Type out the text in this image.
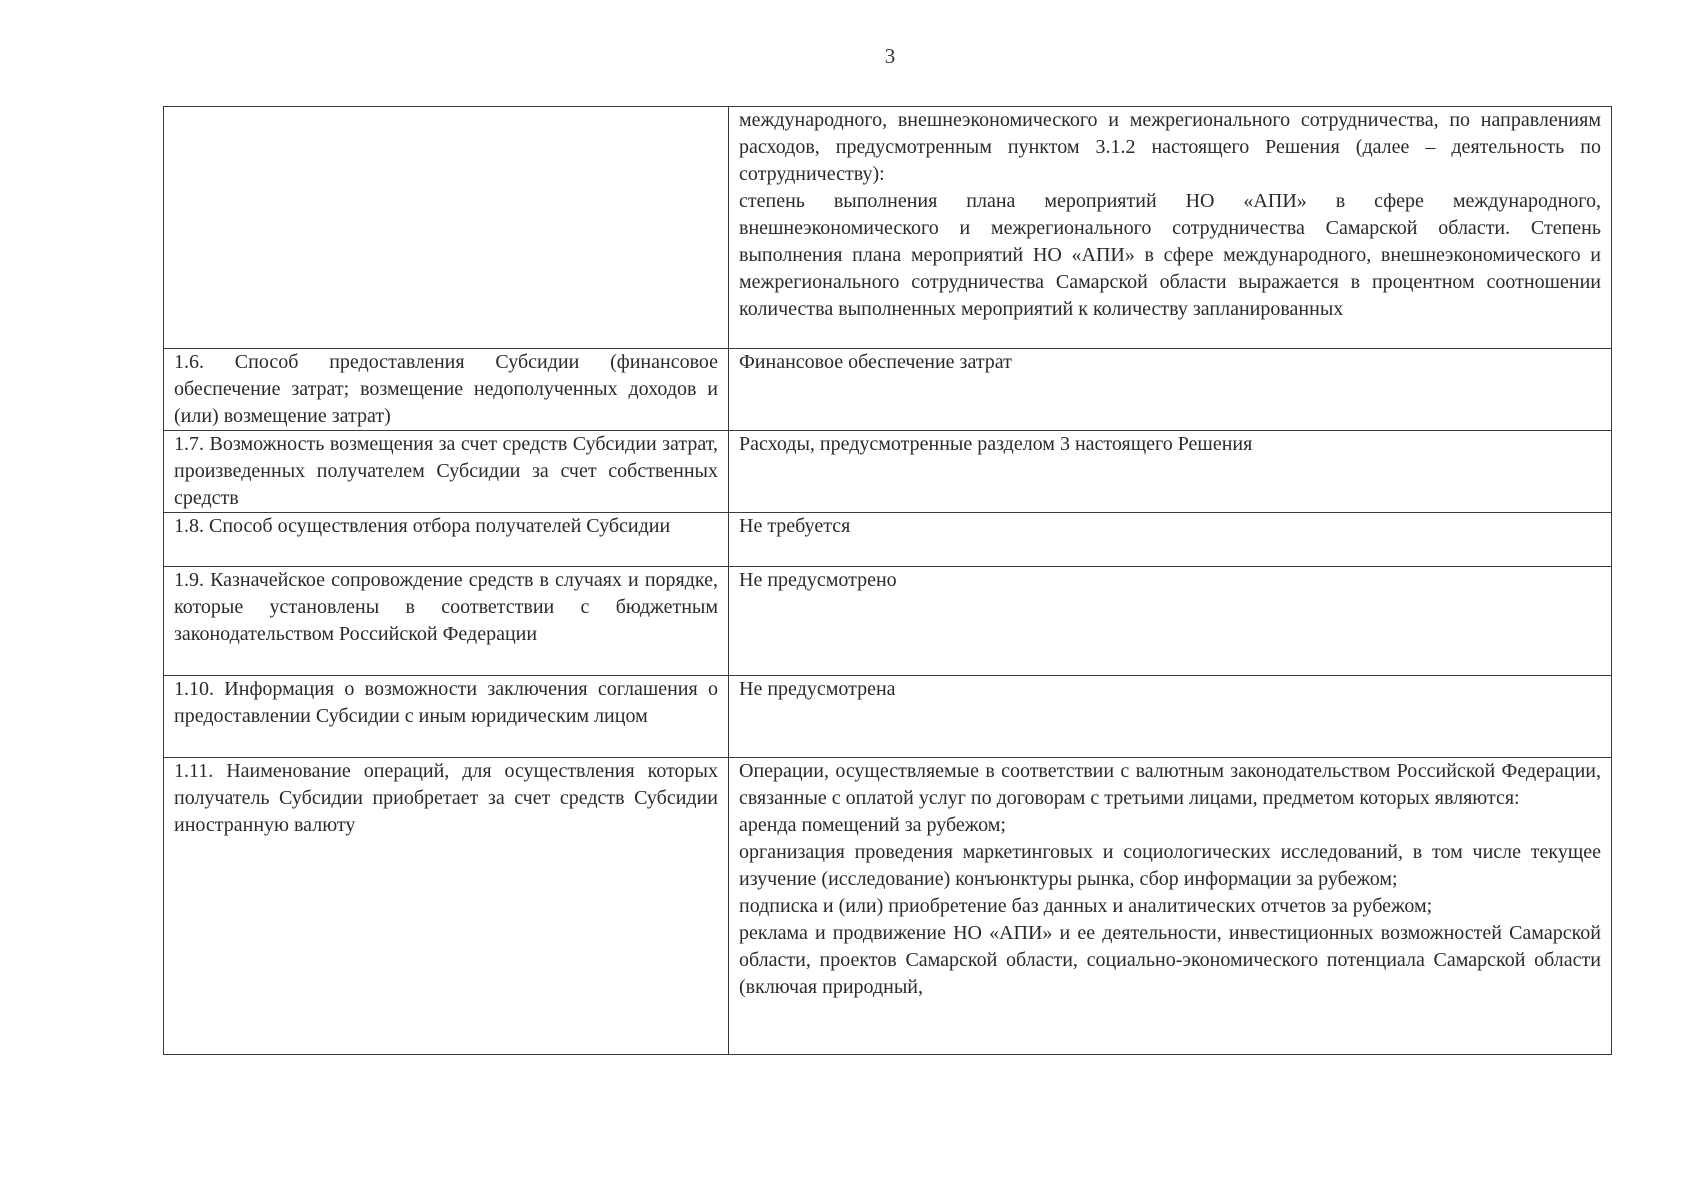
3

	международного, внешнеэкономического и межрегионального сотрудничества, по направлениям расходов, предусмотренным пунктом 3.1.2 настоящего Решения (далее – деятельность по сотрудничеству):
степень выполнения плана мероприятий НО «АПИ» в сфере международного, внешнеэкономического и межрегионального сотрудничества Самарской области. Степень выполнения плана мероприятий НО «АПИ» в сфере международного, внешнеэкономического и межрегионального сотрудничества Самарской области выражается в процентном соотношении количества выполненных мероприятий к количеству запланированных

1.6. Способ предоставления Субсидии (финансовое обеспечение затрат; возмещение недополученных доходов и (или) возмещение затрат)	Финансовое обеспечение затрат

1.7. Возможность возмещения за счет средств Субсидии затрат, произведенных получателем Субсидии за счет собственных средств	Расходы, предусмотренные разделом 3 настоящего Решения

1.8. Способ осуществления отбора получателей Субсидии	Не требуется

1.9. Казначейское сопровождение средств в случаях и порядке, которые установлены в соответствии с бюджетным законодательством Российской Федерации	Не предусмотрено

1.10. Информация о возможности заключения соглашения о предоставлении Субсидии с иным юридическим лицом	Не предусмотрена

1.11. Наименование операций, для осуществления которых получатель Субсидии приобретает за счет средств Субсидии иностранную валюту	Операции, осуществляемые в соответствии с валютным законодательством Российской Федерации, связанные с оплатой услуг по договорам с третьими лицами, предметом которых являются:
аренда помещений за рубежом;
организация проведения маркетинговых и социологических исследований, в том числе текущее изучение (исследование) конъюнктуры рынка, сбор информации за рубежом;
подписка и (или) приобретение баз данных и аналитических отчетов за рубежом;
реклама и продвижение НО «АПИ» и ее деятельности, инвестиционных возможностей Самарской области, проектов Самарской области, социально-экономического потенциала Самарской области (включая природный,
